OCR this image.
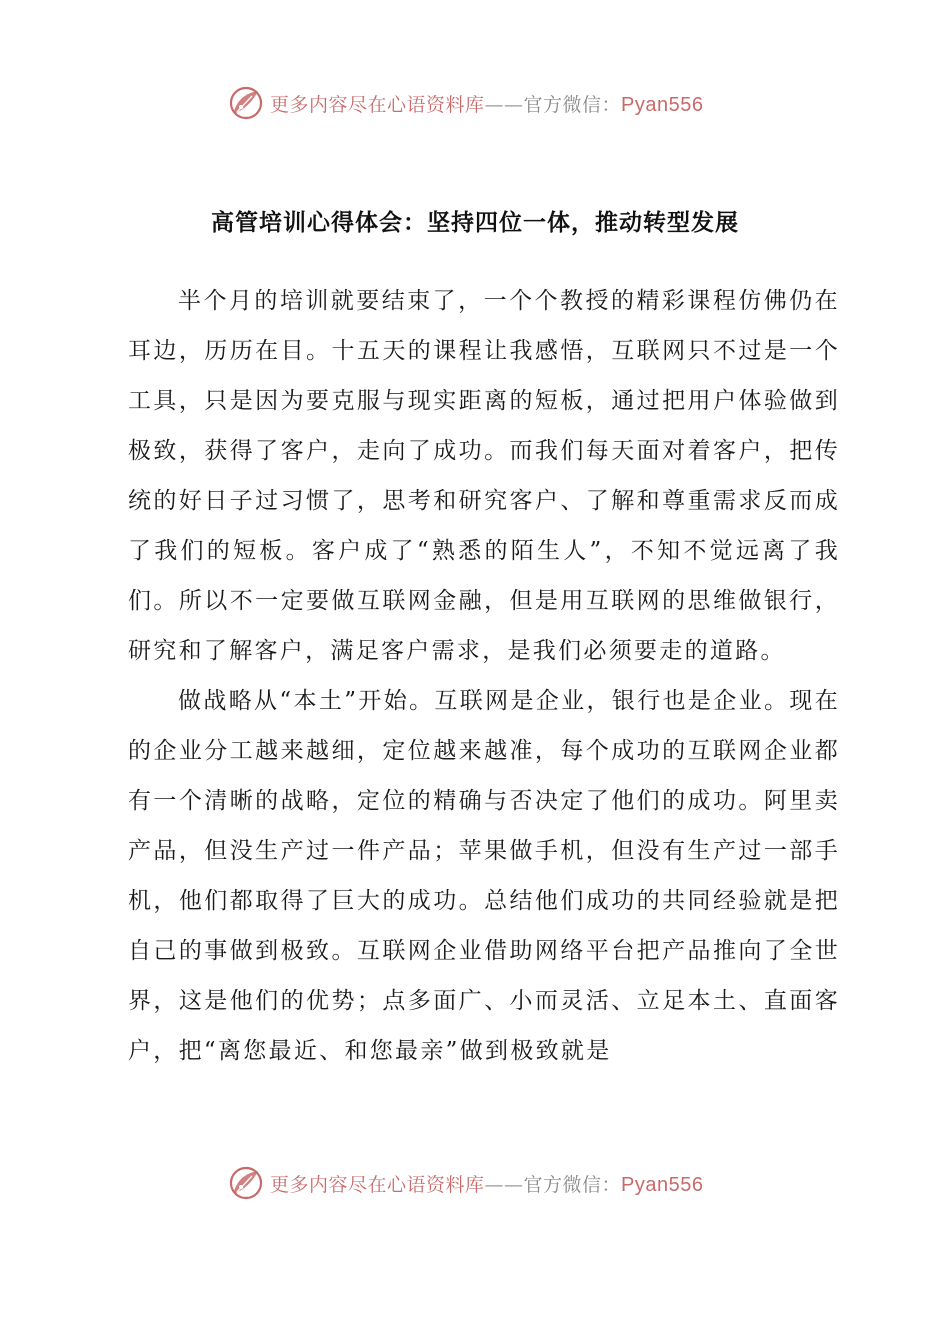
更多内容尽在心语资料库——官方微信：Pyan556
高管培训心得体会：坚持四位一体，推动转型发展

半个月的培训就要结束了，一个个教授的精彩课程仿佛仍在耳边，历历在目。十五天的课程让我感悟，互联网只不过是一个工具，只是因为要克服与现实距离的短板，通过把用户体验做到极致，获得了客户，走向了成功。而我们每天面对着客户，把传统的好日子过习惯了，思考和研究客户、了解和尊重需求反而成了我们的短板。客户成了“熟悉的陌生人”，不知不觉远离了我们。所以不一定要做互联网金融，但是用互联网的思维做银行，研究和了解客户，满足客户需求，是我们必须要走的道路。

做战略从“本土”开始。互联网是企业，银行也是企业。现在的企业分工越来越细，定位越来越准，每个成功的互联网企业都有一个清晰的战略，定位的精确与否决定了他们的成功。阿里卖产品，但没生产过一件产品；苹果做手机，但没有生产过一部手机，他们都取得了巨大的成功。总结他们成功的共同经验就是把自己的事做到极致。互联网企业借助网络平台把产品推向了全世界，这是他们的优势；点多面广、小而灵活、立足本土、直面客户，把“离您最近、和您最亲”做到极致就是

更多内容尽在心语资料库——官方微信：Pyan556
